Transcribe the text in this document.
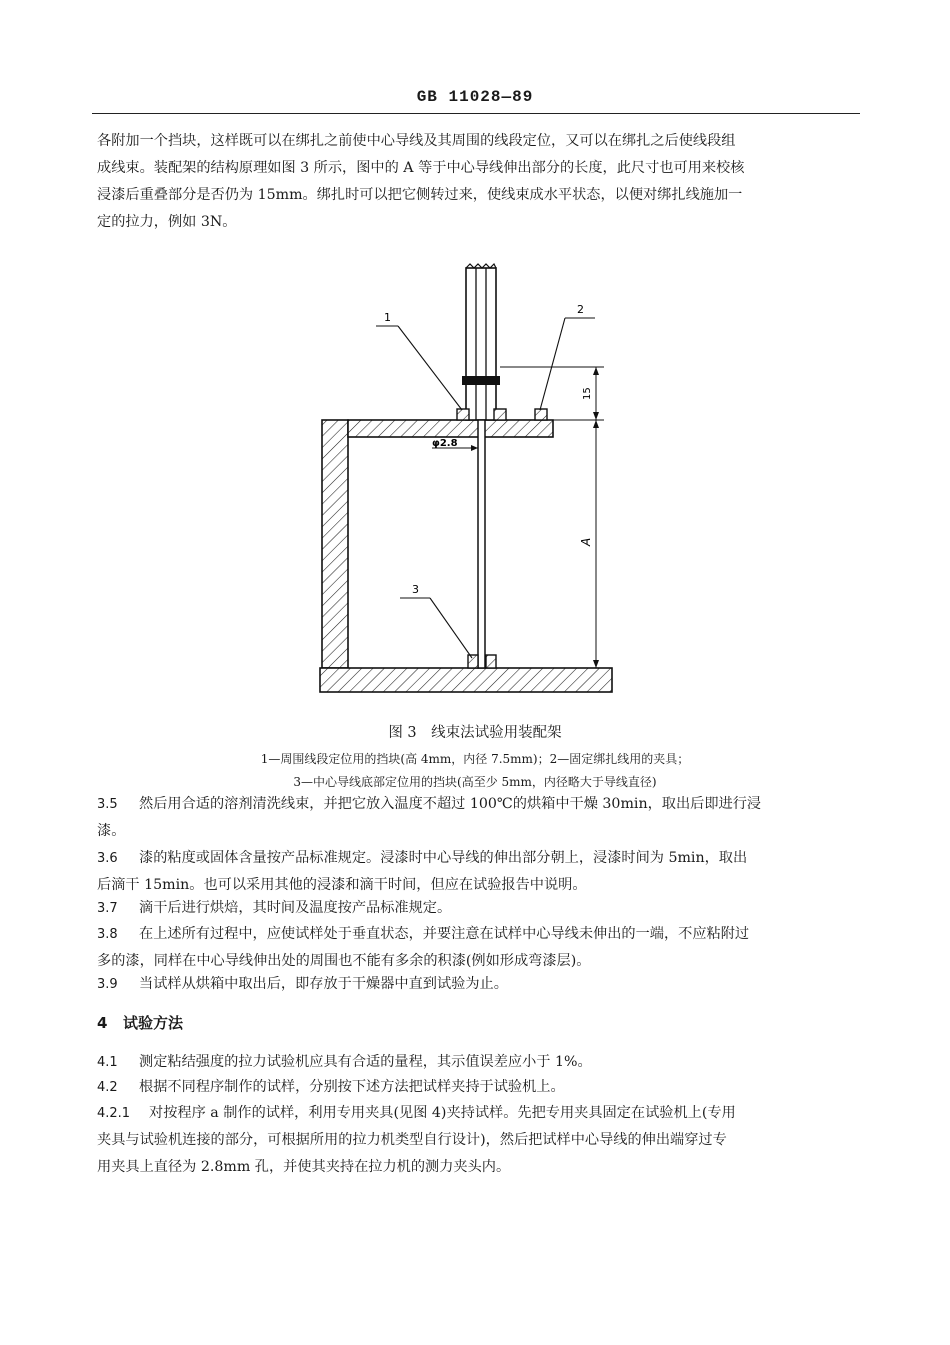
GB 11028—89

各附加一个挡块，这样既可以在绑扎之前使中心导线及其周围的线段定位，又可以在绑扎之后使线段组
成线束。装配架的结构原理如图 3 所示，图中的 A 等于中心导线伸出部分的长度，此尺寸也可用来校核
浸漆后重叠部分是否仍为 15mm。绑扎时可以把它侧转过来，使线束成水平状态，以便对绑扎线施加一
定的拉力，例如 3N。

1
2
3
15
A
φ2.8

图 3　线束法试验用装配架

1—周围线段定位用的挡块(高 4mm，内径 7.5mm)；2—固定绑扎线用的夹具；

3—中心导线底部定位用的挡块(高至少 5mm，内径略大于导线直径)

3.5 然后用合适的溶剂清洗线束，并把它放入温度不超过 100℃的烘箱中干燥 30min，取出后即进行浸
漆。

3.6 漆的粘度或固体含量按产品标准规定。浸漆时中心导线的伸出部分朝上，浸漆时间为 5min，取出
后滴干 15min。也可以采用其他的浸漆和滴干时间，但应在试验报告中说明。

3.7 滴干后进行烘焙，其时间及温度按产品标准规定。

3.8 在上述所有过程中，应使试样处于垂直状态，并要注意在试样中心导线未伸出的一端，不应粘附过
多的漆，同样在中心导线伸出处的周围也不能有多余的积漆(例如形成弯漆层)。

3.9 当试样从烘箱中取出后，即存放于干燥器中直到试验为止。

4 试验方法

4.1 测定粘结强度的拉力试验机应具有合适的量程，其示值误差应小于 1%。

4.2 根据不同程序制作的试样，分别按下述方法把试样夹持于试验机上。

4.2.1 对按程序 a 制作的试样，利用专用夹具(见图 4)夹持试样。先把专用夹具固定在试验机上(专用
夹具与试验机连接的部分，可根据所用的拉力机类型自行设计)，然后把试样中心导线的伸出端穿过专
用夹具上直径为 2.8mm 孔，并使其夹持在拉力机的测力夹头内。
